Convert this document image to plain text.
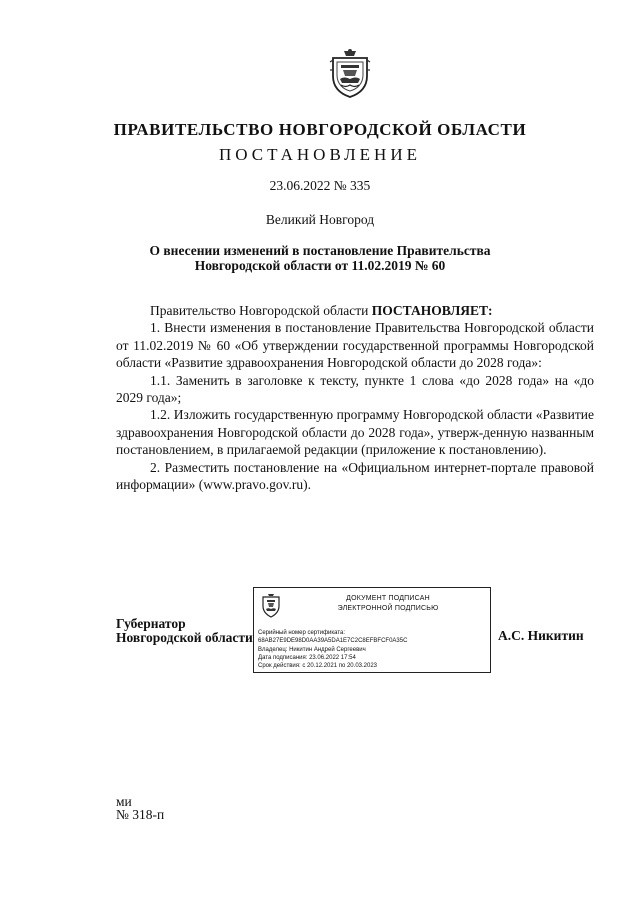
ПРАВИТЕЛЬСТВО НОВГОРОДСКОЙ ОБЛАСТИ
ПОСТАНОВЛЕНИЕ
23.06.2022 № 335
Великий Новгород
О внесении изменений в постановление Правительства
Новгородской области от 11.02.2019 № 60

Правительство Новгородской области ПОСТАНОВЛЯЕТ:

1. Внести изменения в постановление Правительства Новгородской области от 11.02.2019 № 60 «Об утверждении государственной программы Новгородской области «Развитие здравоохранения Новгородской области до 2028 года»:

1.1. Заменить в заголовке к тексту, пункте 1 слова «до 2028 года» на «до 2029 года»;

1.2. Изложить государственную программу Новгородской области «Развитие здравоохранения Новгородской области до 2028 года», утверж-денную названным постановлением, в прилагаемой редакции (приложение к постановлению).

2. Разместить постановление на «Официальном интернет-портале правовой информации» (www.pravo.gov.ru).

Губернатор
Новгородской области
ДОКУМЕНТ ПОДПИСАН
ЭЛЕКТРОННОЙ ПОДПИСЬЮ
Серийный номер сертификата:
68AB27E9DE98D0AA39A5DA1E7C2C8EFBFCF0A35C
Владелец: Никитин Андрей Сергеевич
Дата подписания: 23.06.2022 17:54
Срок действия: с 20.12.2021 по 20.03.2023
А.С. Никитин
ми
№ 318-п
